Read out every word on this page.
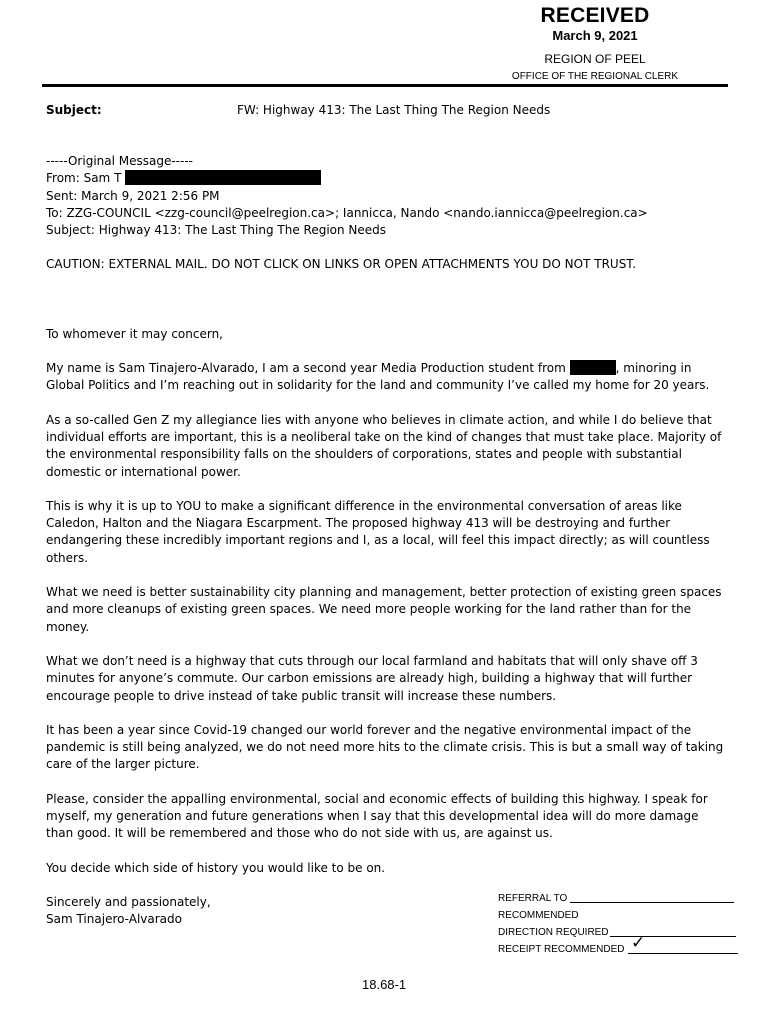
RECEIVED
March 9, 2021
REGION OF PEEL
OFFICE OF THE REGIONAL CLERK
Subject:	FW: Highway 413: The Last Thing The Region Needs
-----Original Message-----
From: Sam T
Sent: March 9, 2021 2:56 PM
To: ZZG-COUNCIL <zzg-council@peelregion.ca>; Iannicca, Nando <nando.iannicca@peelregion.ca>
Subject: Highway 413: The Last Thing The Region Needs

CAUTION: EXTERNAL MAIL. DO NOT CLICK ON LINKS OR OPEN ATTACHMENTS YOU DO NOT TRUST.

To whomever it may concern,

My name is Sam Tinajero-Alvarado, I am a second year Media Production student from	, minoring in Global Politics and I’m reaching out in solidarity for the land and community I’ve called my home for 20 years.

As a so-called Gen Z my allegiance lies with anyone who believes in climate action, and while I do believe that individual efforts are important, this is a neoliberal take on the kind of changes that must take place. Majority of the environmental responsibility falls on the shoulders of corporations, states and people with substantial domestic or international power.

This is why it is up to YOU to make a significant difference in the environmental conversation of areas like Caledon, Halton and the Niagara Escarpment. The proposed highway 413 will be destroying and further endangering these incredibly important regions and I, as a local, will feel this impact directly; as will countless others.

What we need is better sustainability city planning and management, better protection of existing green spaces and more cleanups of existing green spaces. We need more people working for the land rather than for the money.

What we don’t need is a highway that cuts through our local farmland and habitats that will only shave off 3 minutes for anyone’s commute. Our carbon emissions are already high, building a highway that will further encourage people to drive instead of take public transit will increase these numbers.

It has been a year since Covid-19 changed our world forever and the negative environmental impact of the pandemic is still being analyzed, we do not need more hits to the climate crisis. This is but a small way of taking care of the larger picture.

Please, consider the appalling environmental, social and economic effects of building this highway. I speak for myself, my generation and future generations when I say that this developmental idea will do more damage than good. It will be remembered and those who do not side with us, are against us.

You decide which side of history you would like to be on.

Sincerely and passionately,

Sam Tinajero-Alvarado

REFERRAL TO
RECOMMENDED
DIRECTION REQUIRED
RECEIPT RECOMMENDED ✓
18.68-1
